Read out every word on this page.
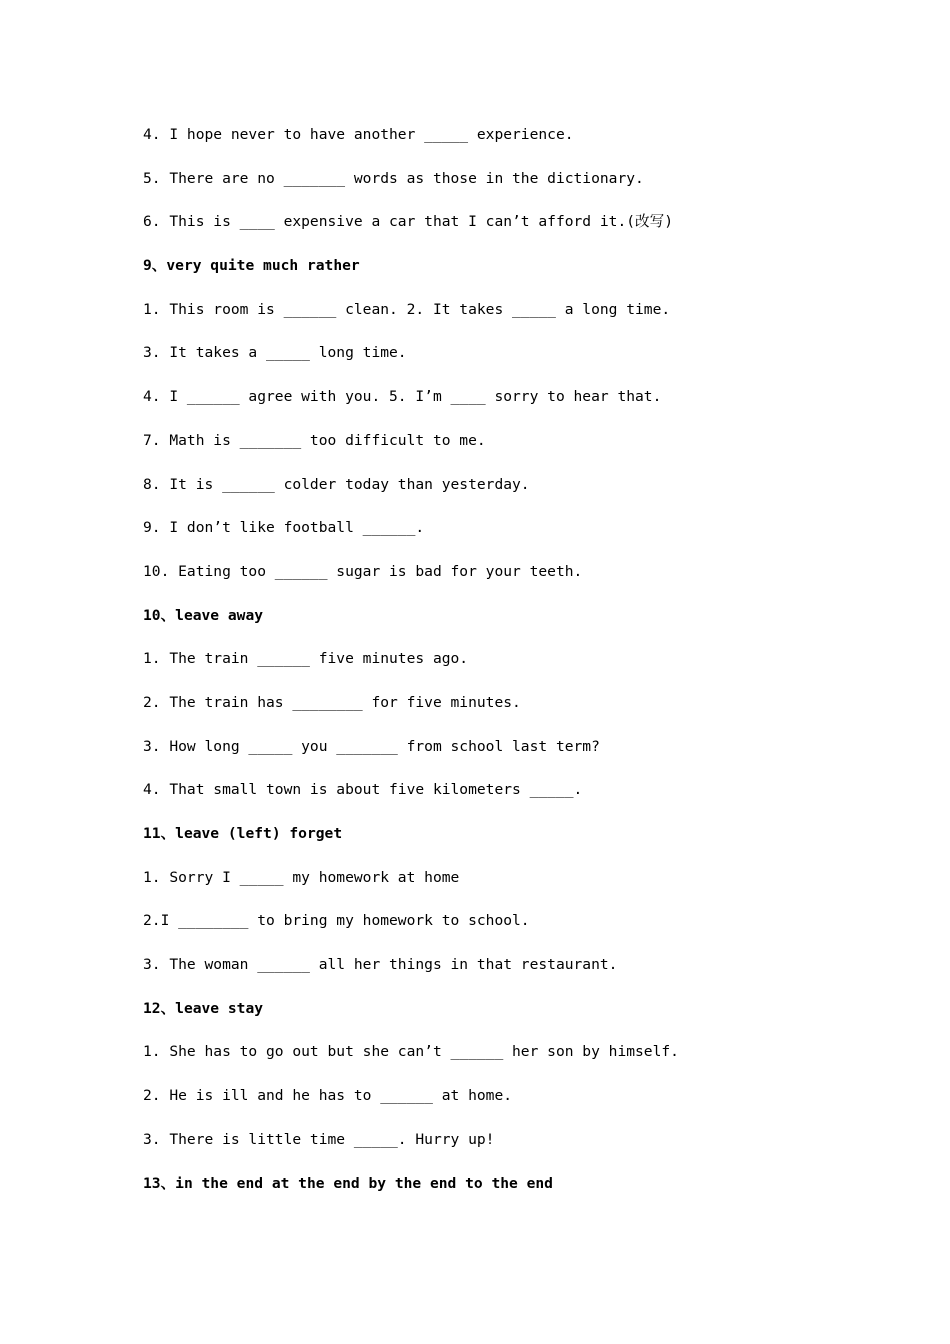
4. I hope never to have another _____ experience.
5. There are no _______ words as those in the dictionary.
6. This is ____ expensive a car that I can’t afford it.(改写)
9、very quite much rather
1. This room is ______ clean. 2. It takes _____ a long time.
3. It takes a _____ long time.
4. I ______ agree with you. 5. I’m ____ sorry to hear that.
7. Math is _______ too difficult to me.
8. It is ______ colder today than yesterday.
9. I don’t like football ______.
10. Eating too ______ sugar is bad for your teeth.
10、leave away
1. The train ______ five minutes ago.
2. The train has ________ for five minutes.
3. How long _____ you _______ from school last term?
4. That small town is about five kilometers _____.
11、leave (left) forget
1. Sorry I _____ my homework at home
2.I ________ to bring my homework to school.
3. The woman ______ all her things in that restaurant.
12、leave stay
1. She has to go out but she can’t ______ her son by himself.
2. He is ill and he has to ______ at home.
3. There is little time _____. Hurry up!
13、in the end at the end by the end to the end
